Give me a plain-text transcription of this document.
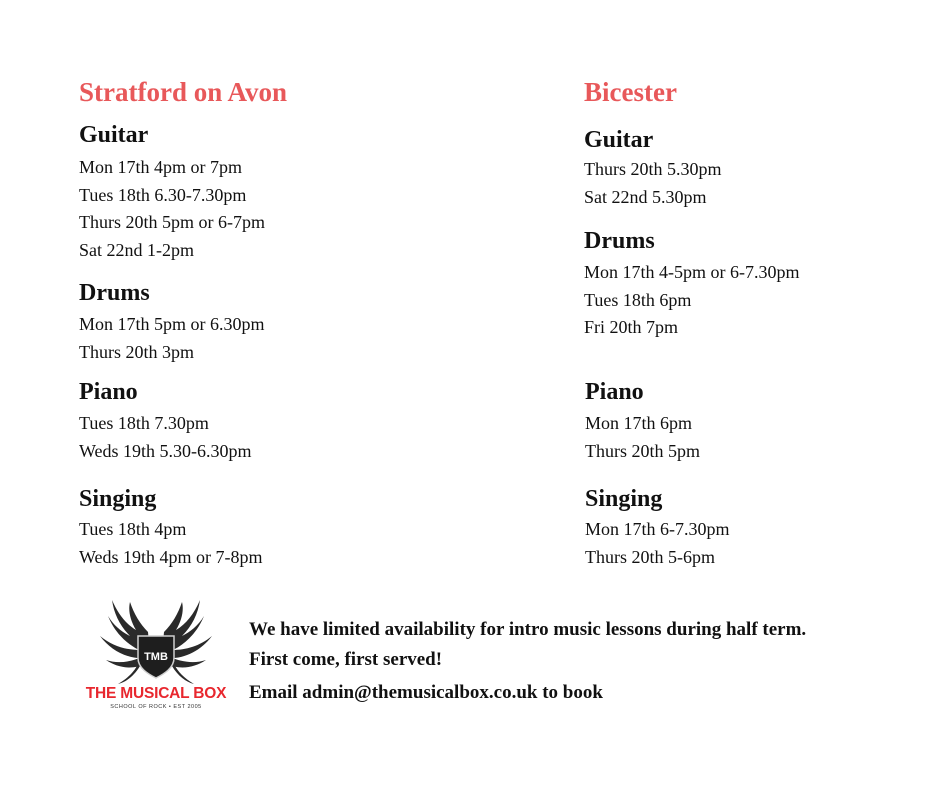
Stratford on Avon
Guitar
Mon 17th 4pm or 7pm
Tues 18th 6.30-7.30pm
Thurs 20th 5pm or 6-7pm
Sat 22nd 1-2pm
Drums
Mon 17th 5pm or 6.30pm
Thurs 20th 3pm
Piano
Tues 18th 7.30pm
Weds 19th 5.30-6.30pm
Singing
Tues 18th 4pm
Weds 19th 4pm or 7-8pm
Bicester
Guitar
Thurs 20th 5.30pm
Sat 22nd 5.30pm
Drums
Mon 17th 4-5pm or 6-7.30pm
Tues 18th 6pm
Fri 20th 7pm
Piano
Mon 17th 6pm
Thurs 20th 5pm
Singing
Mon 17th 6-7.30pm
Thurs 20th 5-6pm
TMB
THE MUSICAL BOX
SCHOOL OF ROCK • EST 2005

We have limited availability for intro music lessons during half term. First come, first served!

Email admin@themusicalbox.co.uk to book
